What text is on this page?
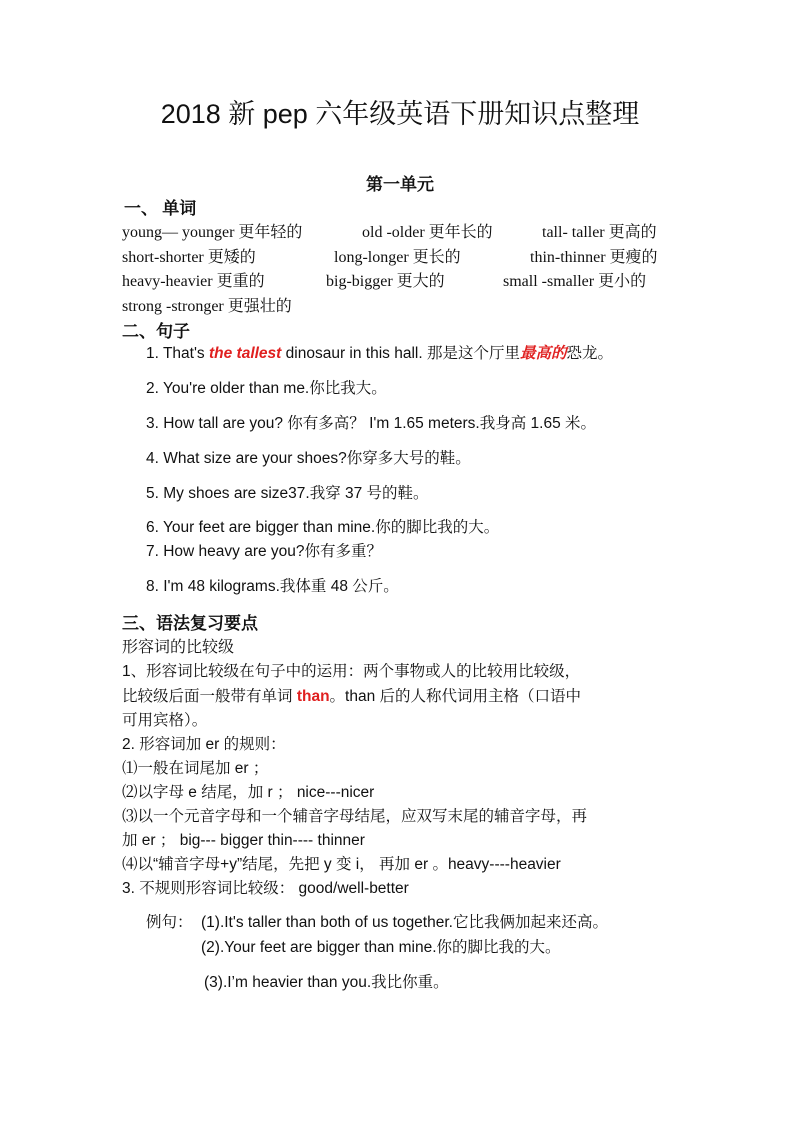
2018 新 pep 六年级英语下册知识点整理
第一单元
一、 单词
young— younger 更年轻的	old -older 更年长的	tall- taller 更高的
short-shorter 更矮的	long-longer 更长的	thin-thinner 更瘦的
heavy-heavier 更重的	big-bigger 更大的	small -smaller 更小的
strong -stronger 更强壮的
二、句子
1. That's the tallest dinosaur in this hall. 那是这个厅里最高的恐龙。
2. You're older than me.你比我大。
3. How tall are you? 你有多高？ I'm 1.65 meters.我身高 1.65 米。
4. What size are your shoes?你穿多大号的鞋。
5. My shoes are size37.我穿 37 号的鞋。
6. Your feet are bigger than mine.你的脚比我的大。
7. How heavy are you?你有多重？
8. I'm 48 kilograms.我体重 48 公斤。
三、语法复习要点
形容词的比较级
1、形容词比较级在句子中的运用：两个事物或人的比较用比较级，
比较级后面一般带有单词 than。than 后的人称代词用主格（口语中
可用宾格）。
2. 形容词加 er 的规则：
⑴一般在词尾加 er ；
⑵以字母 e 结尾，加 r ； nice---nicer
⑶以一个元音字母和一个辅音字母结尾，应双写末尾的辅音字母，再
加 er ； big--- bigger thin---- thinner
⑷以“辅音字母+y”结尾，先把 y 变 i， 再加 er 。heavy----heavier
3. 不规则形容词比较级： good/well-better
例句： (1).It's taller than both of us together.它比我俩加起来还高。
(2).Your feet are bigger than mine.你的脚比我的大。
(3).I’m heavier than you.我比你重。
